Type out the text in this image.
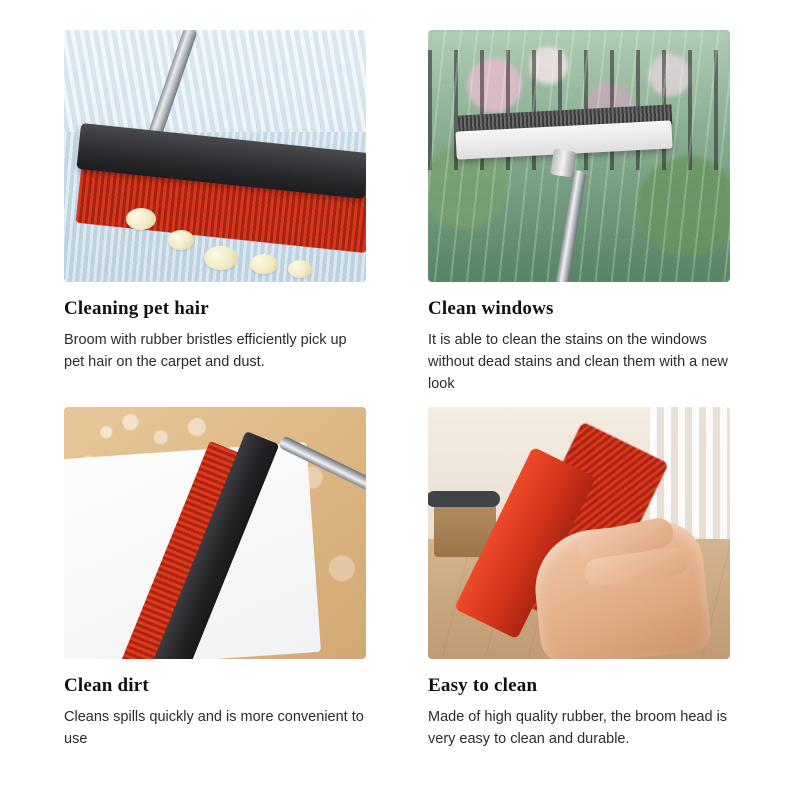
Cleaning pet hair
Broom with rubber bristles efficiently pick up pet hair on the carpet and dust.
Clean windows
It is able to clean the stains on the windows without dead stains and clean them with a new look
Clean dirt
Cleans spills quickly and is more convenient to use
Easy to clean
Made of high quality rubber, the broom head is very easy to clean and durable.
